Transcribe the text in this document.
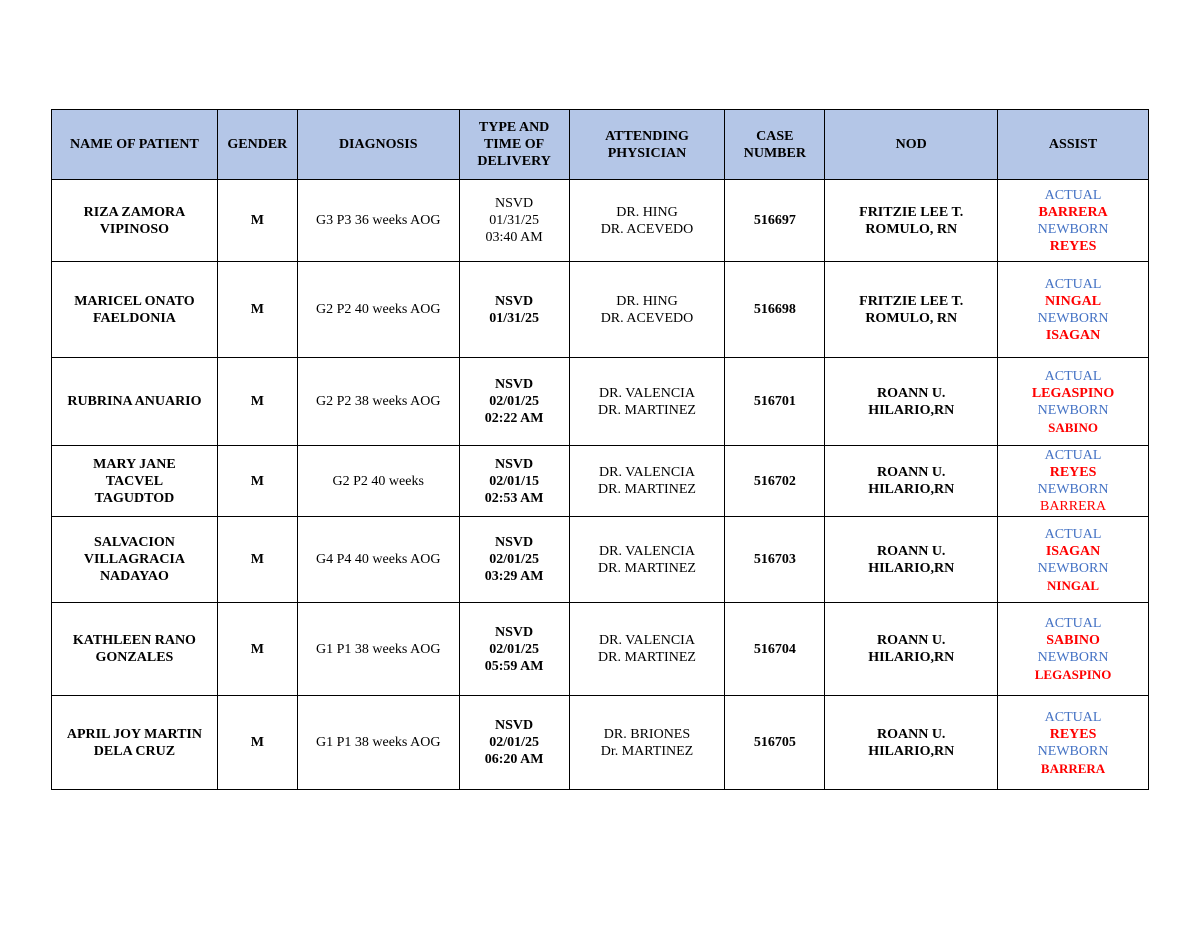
NAME OF PATIENT	GENDER	DIAGNOSIS	TYPE AND
TIME OF
DELIVERY	ATTENDING
PHYSICIAN	CASE
NUMBER	NOD	ASSIST

RIZA ZAMORA
VIPINOSO	M	G3 P3 36 weeks AOG	NSVD
01/31/25
03:40 AM	DR. HING
DR. ACEVEDO	516697	FRITZIE LEE T.
ROMULO, RN	ACTUAL
BARRERA
NEWBORN
REYES

MARICEL ONATO
FAELDONIA	M	G2 P2 40 weeks AOG	NSVD
01/31/25	DR. HING
DR. ACEVEDO	516698	FRITZIE LEE T.
ROMULO, RN	ACTUAL
NINGAL
NEWBORN
ISAGAN

RUBRINA ANUARIO	M	G2 P2 38 weeks AOG	NSVD
02/01/25
02:22 AM	DR. VALENCIA
DR. MARTINEZ	516701	ROANN U.
HILARIO,RN	ACTUAL
LEGASPINO
NEWBORN
SABINO

MARY JANE
TACVEL
TAGUDTOD	M	G2 P2 40 weeks	NSVD
02/01/15
02:53 AM	DR. VALENCIA
DR. MARTINEZ	516702	ROANN U.
HILARIO,RN	ACTUAL
REYES
NEWBORN
BARRERA

SALVACION
VILLAGRACIA
NADAYAO	M	G4 P4 40 weeks AOG	NSVD
02/01/25
03:29 AM	DR. VALENCIA
DR. MARTINEZ	516703	ROANN U.
HILARIO,RN	ACTUAL
ISAGAN
NEWBORN
NINGAL

KATHLEEN RANO
GONZALES	M	G1 P1 38 weeks AOG	NSVD
02/01/25
05:59 AM	DR. VALENCIA
DR. MARTINEZ	516704	ROANN U.
HILARIO,RN	ACTUAL
SABINO
NEWBORN
LEGASPINO

APRIL JOY MARTIN
DELA CRUZ	M	G1 P1 38 weeks AOG	NSVD
02/01/25
06:20 AM	DR. BRIONES
Dr. MARTINEZ	516705	ROANN U.
HILARIO,RN	ACTUAL
REYES
NEWBORN
BARRERA
